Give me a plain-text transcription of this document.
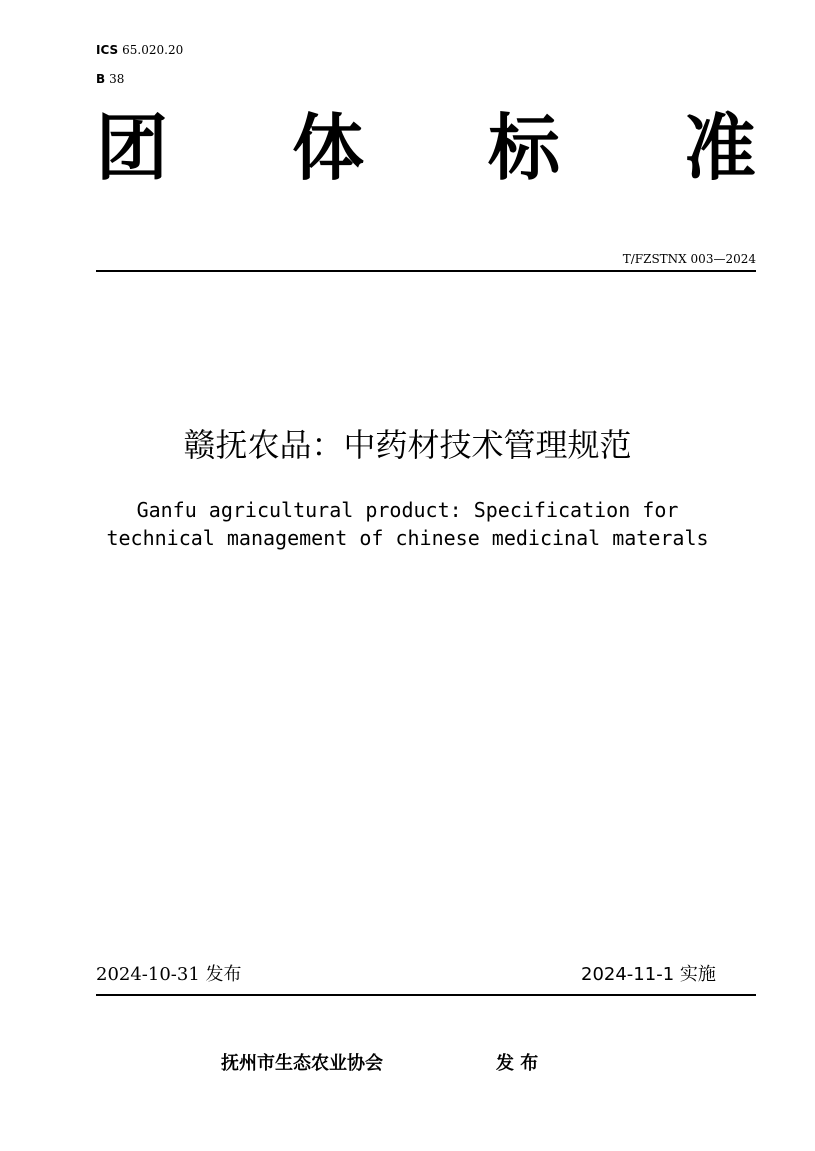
ICS 65.020.20
B 38
团 体 标 准
T/FZSTNX 003—2024
赣抚农品：中药材技术管理规范
Ganfu agricultural product: Specification for
technical management of chinese medicinal materals
2024-10-31 发布	2024-11-1 实施
抚州市生态农业协会	发 布
